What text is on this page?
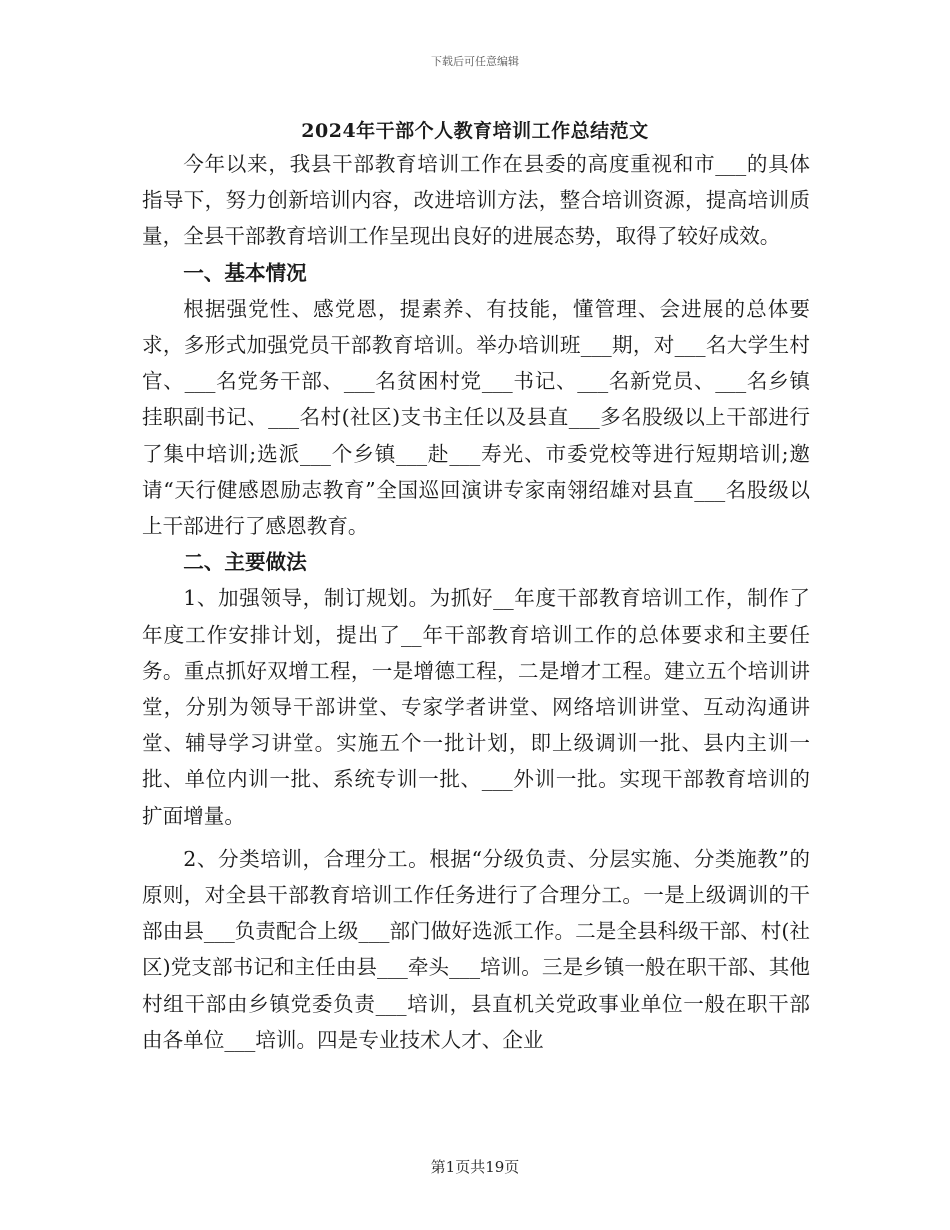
下载后可任意编辑
2024年干部个人教育培训工作总结范文

今年以来，我县干部教育培训工作在县委的高度重视和市___的具体指导下，努力创新培训内容，改进培训方法，整合培训资源，提高培训质量，全县干部教育培训工作呈现出良好的进展态势，取得了较好成效。

一、基本情况

根据强党性、感党恩，提素养、有技能，懂管理、会进展的总体要求，多形式加强党员干部教育培训。举办培训班___期，对___名大学生村官、___名党务干部、___名贫困村党___书记、___名新党员、___名乡镇挂职副书记、___名村(社区)支书主任以及县直___多名股级以上干部进行了集中培训;选派___个乡镇___赴___寿光、市委党校等进行短期培训;邀请“天行健感恩励志教育”全国巡回演讲专家南翎绍雄对县直___名股级以上干部进行了感恩教育。

二、主要做法

1、加强领导，制订规划。为抓好__年度干部教育培训工作，制作了年度工作安排计划，提出了__年干部教育培训工作的总体要求和主要任务。重点抓好双增工程，一是增德工程，二是增才工程。建立五个培训讲堂，分别为领导干部讲堂、专家学者讲堂、网络培训讲堂、互动沟通讲堂、辅导学习讲堂。实施五个一批计划，即上级调训一批、县内主训一批、单位内训一批、系统专训一批、___外训一批。实现干部教育培训的扩面增量。

2、分类培训，合理分工。根据“分级负责、分层实施、分类施教”的原则，对全县干部教育培训工作任务进行了合理分工。一是上级调训的干部由县___负责配合上级___部门做好选派工作。二是全县科级干部、村(社区)党支部书记和主任由县___牵头___培训。三是乡镇一般在职干部、其他村组干部由乡镇党委负责___培训，县直机关党政事业单位一般在职干部由各单位___培训。四是专业技术人才、企业

第1页共19页
